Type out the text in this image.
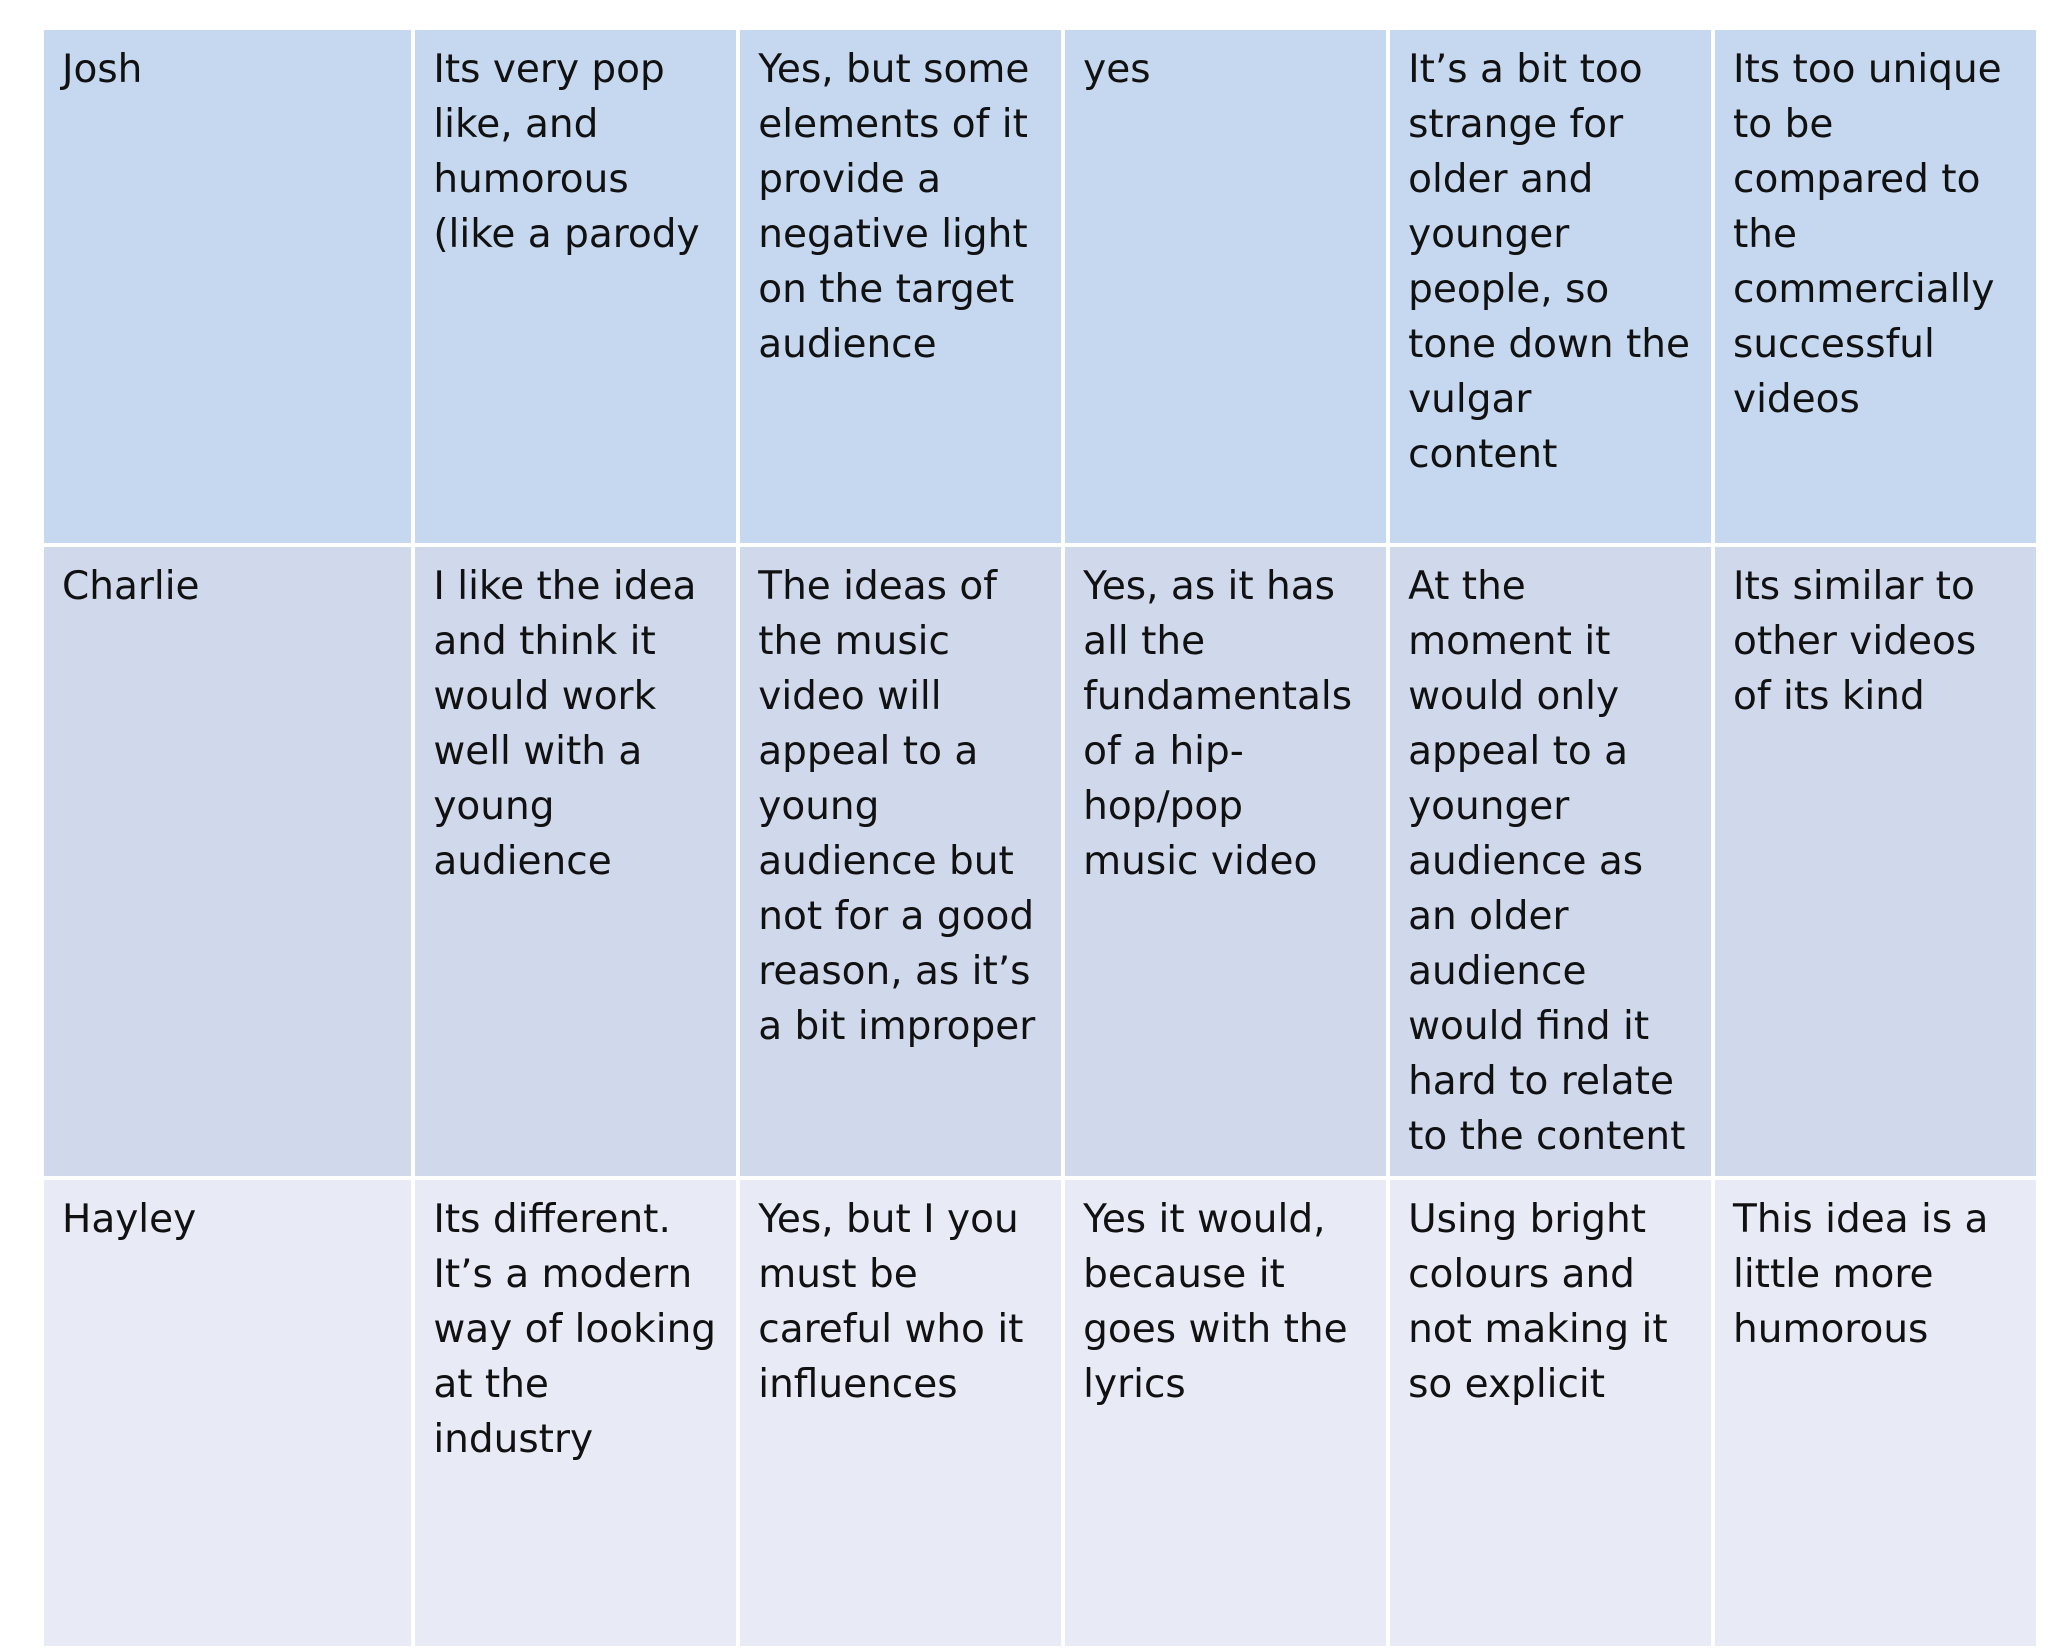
Josh	Its very pop like, and humorous (like a parody	Yes, but some elements of it provide a negative light on the target audience	yes	It’s a bit too strange for older and younger people, so tone down the vulgar content	Its too unique to be compared to the commercially successful videos
Charlie	I like the idea and think it would work well with a young audience	The ideas of the music video will appeal to a young audience but not for a good reason, as it’s a bit improper	Yes, as it has all the fundamentals of a hip-hop/pop music video	At the moment it would only appeal to a younger audience as an older audience would find it hard to relate to the content	Its similar to other videos of its kind
Hayley	Its different. It’s a modern way of looking at the industry	Yes, but I you must be careful who it influences	Yes it would, because it goes with the lyrics	Using bright colours and not making it so explicit	This idea is a little more humorous
